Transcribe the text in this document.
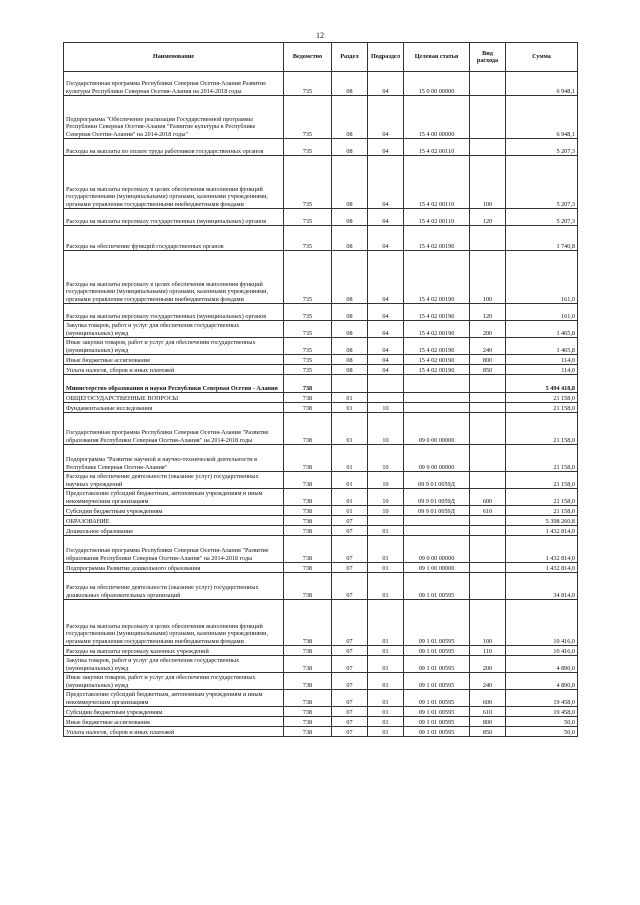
12
Наименование	Ведомство	Раздел	Подраздел	Целевая статья	Вид расхода	Сумма
Государственная программа Республики Северная Осетия-Алания Развитие культуры Республики Северная Осетия-Алания на 2014-2018 годы	735	08	04	15 0 00 00000		6 948,1
Подпрограмма "Обеспечение реализации Государственной программы Республики Северная Осетия-Алания "Развитие культуры в Республике Северная Осетия-Алания" на 2014-2018 годы"	735	08	04	15 4 00 00000		6 948,1
Расходы на выплаты по оплате труда работников государственных органов	735	08	04	15 4 02 00110		5 207,3
Расходы на выплаты персоналу в целях обеспечения выполнения функций государственными (муниципальными) органами, казенными учреждениями, органами управления государственными внебюджетными фондами	735	08	04	15 4 02 00110	100	5 207,3
Расходы на выплаты персоналу государственных (муниципальных) органов	735	08	04	15 4 02 00110	120	5 207,3
Расходы на обеспечение функций государственных органов	735	08	04	15 4 02 00190		1 740,8
Расходы на выплаты персоналу в целях обеспечения выполнения функций государственными (муниципальными) органами, казенными учреждениями, органами управления государственными внебюджетными фондами	735	08	04	15 4 02 00190	100	161,0
Расходы на выплаты персоналу государственных (муниципальных) органов	735	08	04	15 4 02 00190	120	161,0
Закупка товаров, работ и услуг для обеспечения государственных (муниципальных) нужд	735	08	04	15 4 02 00190	200	1 465,8
Иные закупки товаров, работ и услуг для обеспечения государственных (муниципальных) нужд	735	08	04	15 4 02 00190	240	1 465,8
Иные бюджетные ассигнования	735	08	04	15 4 02 00190	800	114,0
Уплата налогов, сборов и иных платежей	735	08	04	15 4 02 00190	850	114,0
Министерство образования и науки Республики Северная Осетия - Алания	738					5 494 418,8
ОБЩЕГОСУДАРСТВЕННЫЕ ВОПРОСЫ	738	01				21 158,0
Фундаментальные исследования	738	01	10			21 158,0
Государственная программа Республики Северная Осетия-Алания "Развитие образования Республики Северная Осетия-Алания" на 2014-2018 годы	738	01	10	09 0 00 00000		21 158,0
Подпрограмма "Развитие научной и научно-технической деятельности в Республике Северная Осетия-Алания"	738	01	10	09 9 00 00000		21 158,0
Расходы на обеспечение деятельности (оказание услуг) государственных научных учреждений	738	01	10	09 9 01 0059Д		21 158,0
Предоставление субсидий бюджетным, автономным учреждениям и иным некоммерческим организациям	738	01	10	09 9 01 0059Д	600	21 158,0
Субсидии бюджетным учреждениям	738	01	10	09 9 01 0059Д	610	21 158,0
ОБРАЗОВАНИЕ	738	07				5 398 260,8
Дошкольное образование	738	07	01			1 432 814,0
Государственная программа Республики Северная Осетия-Алания "Развитие образования Республики Северная Осетия-Алания" на 2014-2018 годы	738	07	01	09 0 00 00000		1 432 814,0
Подпрограмма Развитие дошкольного образования	738	07	01	09 1 00 00000		1 432 814,0
Расходы на обеспечение деятельности (оказание услуг) государственных дошкольных образовательных организаций	738	07	01	09 1 01 00595		34 814,0
Расходы на выплаты персоналу в целях обеспечения выполнения функций государственными (муниципальными) органами, казенными учреждениями, органами управления государственными внебюджетными фондами	738	07	01	09 1 01 00595	100	10 416,0
Расходы на выплаты персоналу казенных учреждений	738	07	01	09 1 01 00595	110	10 416,0
Закупка товаров, работ и услуг для обеспечения государственных (муниципальных) нужд	738	07	01	09 1 01 00595	200	4 890,0
Иные закупки товаров, работ и услуг для обеспечения государственных (муниципальных) нужд	738	07	01	09 1 01 00595	240	4 890,0
Предоставление субсидий бюджетным, автономным учреждениям и иным некоммерческим организациям	738	07	01	09 1 01 00595	600	19 458,0
Субсидии бюджетным учреждениям	738	07	01	09 1 01 00595	610	19 458,0
Иные бюджетные ассигнования	738	07	01	09 1 01 00595	800	50,0
Уплата налогов, сборов и иных платежей	738	07	01	09 1 01 00595	850	50,0
